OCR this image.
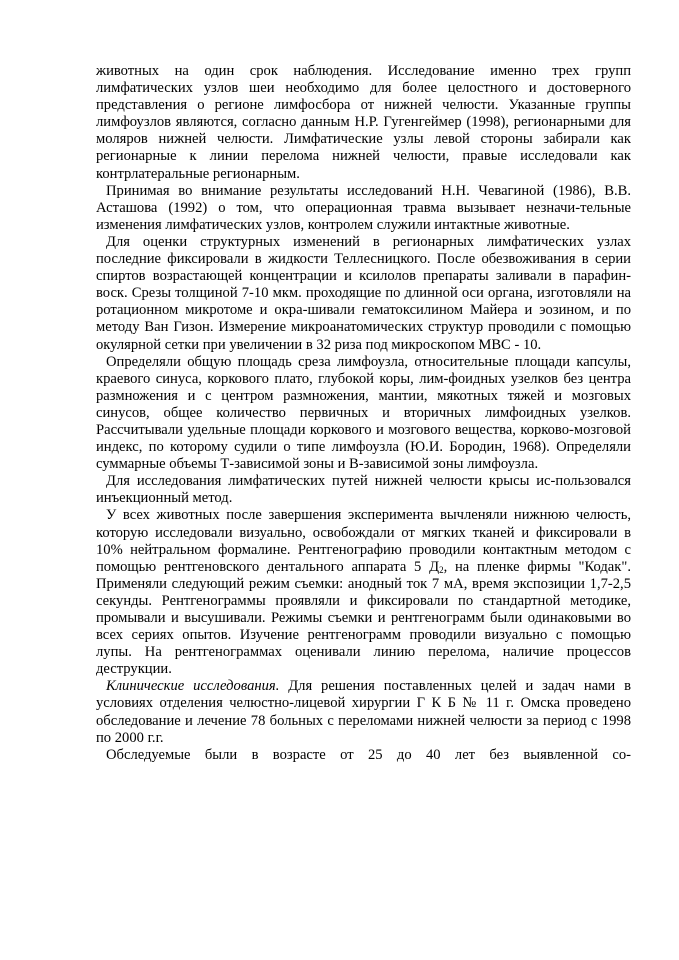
животных на один срок наблюдения. Исследование именно трех групп лимфатических узлов шеи необходимо для более целостного и достоверного представления о регионе лимфосбора от нижней челюсти. Указанные группы лимфоузлов являются, согласно данным Н.Р. Гугенгеймер (1998), регионарными для моляров нижней челюсти. Лимфатические узлы левой стороны забирали как регионарные к линии перелома нижней челюсти, правые исследовали как контрлатеральные регионарным.

Принимая во внимание результаты исследований Н.Н. Чевагиной (1986), В.В. Асташова (1992) о том, что операционная травма вызывает незначи-тельные изменения лимфатических узлов, контролем служили интактные животные.

Для оценки структурных изменений в регионарных лимфатических узлах последние фиксировали в жидкости Теллесницкого. После обезвоживания в серии спиртов возрастающей концентрации и ксилолов препараты заливали в парафин-воск. Срезы толщиной 7-10 мкм. проходящие по длинной оси органа, изготовляли на ротационном микротоме и окра-шивали гематоксилином Майера и эозином, и по методу Ван Гизон. Измерение микроанатомических структур проводили с помощью окулярной сетки при увеличении в 32 риза под микроскопом МВС - 10.

Определяли общую площадь среза лимфоузла, относительные площади капсулы, краевого синуса, коркового плато, глубокой коры, лим-фоидных узелков без центра размножения и с центром размножения, мантии, мякотных тяжей и мозговых синусов, общее количество первичных и вторичных лимфоидных узелков. Рассчитывали удельные площади коркового и мозгового вещества, корково-мозговой индекс, по которому судили о типе лимфоузла (Ю.И. Бородин, 1968). Определяли суммарные объемы Т-зависимой зоны и В-зависимой зоны лимфоузла.

Для исследования лимфатических путей нижней челюсти крысы ис-пользовался инъекционный метод.

У всех животных после завершения эксперимента вычленяли нижнюю челюсть, которую исследовали визуально, освобождали от мягких тканей и фиксировали в 10% нейтральном формалине. Рентгенографию проводили контактным методом с помощью рентгеновского дентального аппарата 5 $Д_2$, на пленке фирмы "Кодак". Применяли следующий режим съемки: анодный ток 7 мА, время экспозиции 1,7-2,5 секунды. Рентгенограммы проявляли и фиксировали по стандартной методике, промывали и высушивали. Режимы съемки и рентгенограмм были одинаковыми во всех сериях опытов. Изучение рентгенограмм проводили визуально с помощью лупы. На рентгенограммах оценивали линию перелома, наличие процессов деструкции.

Клинические исследования. Для решения поставленных целей и задач нами в условиях отделения челюстно-лицевой хирургии Г К Б № 11 г. Омска проведено обследование и лечение 78 больных с переломами нижней челюсти за период с 1998 по 2000 г.г.

Обследуемые были в возрасте от 25 до 40 лет без выявленной со-
